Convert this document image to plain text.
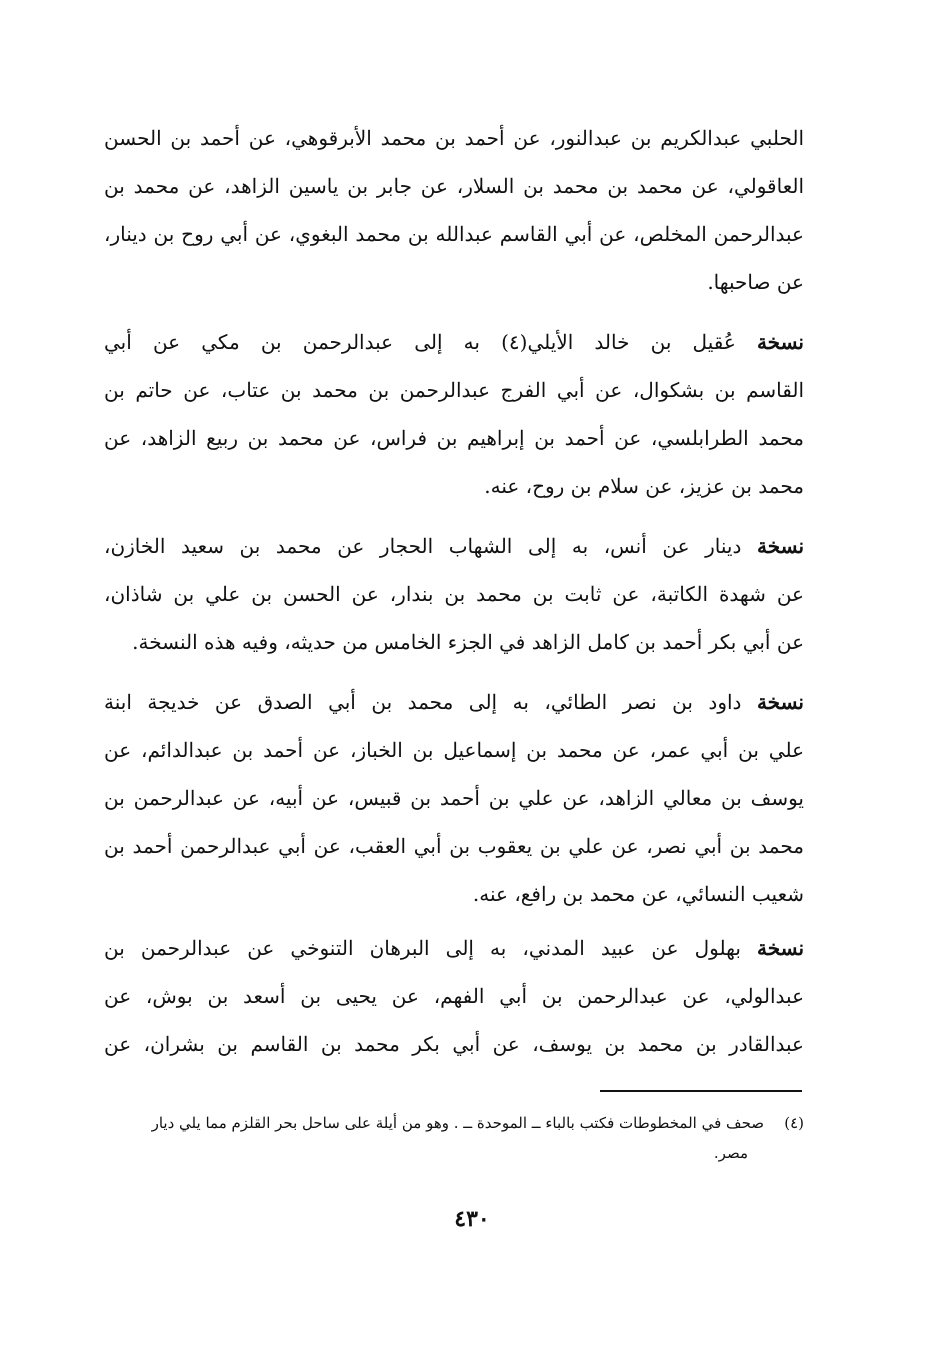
الحلبي عبدالكريم بن عبدالنور، عن أحمد بن محمد الأبرقوهي، عن أحمد بن الحسن
العاقولي، عن محمد بن محمد بن السلار، عن جابر بن ياسين الزاهد، عن محمد بن
عبدالرحمن المخلص، عن أبي القاسم عبدالله بن محمد البغوي، عن أبي روح بن دينار،
عن صاحبها.
نسخة عُقيل بن خالد الأيلي(٤) به إلى عبدالرحمن بن مكي عن أبي
القاسم بن بشكوال، عن أبي الفرج عبدالرحمن بن محمد بن عتاب، عن حاتم بن
محمد الطرابلسي، عن أحمد بن إبراهيم بن فراس، عن محمد بن ربيع الزاهد، عن
محمد بن عزيز، عن سلام بن روح، عنه.
نسخة دينار عن أنس، به إلى الشهاب الحجار عن محمد بن سعيد الخازن،
عن شهدة الكاتبة، عن ثابت بن محمد بن بندار، عن الحسن بن علي بن شاذان،
عن أبي بكر أحمد بن كامل الزاهد في الجزء الخامس من حديثه، وفيه هذه النسخة.
نسخة داود بن نصر الطائي، به إلى محمد بن أبي الصدق عن خديجة ابنة
علي بن أبي عمر، عن محمد بن إسماعيل بن الخباز، عن أحمد بن عبدالدائم، عن
يوسف بن معالي الزاهد، عن علي بن أحمد بن قبيس، عن أبيه، عن عبدالرحمن بن
محمد بن أبي نصر، عن علي بن يعقوب بن أبي العقب، عن أبي عبدالرحمن أحمد بن
شعيب النسائي، عن محمد بن رافع، عنه.
نسخة بهلول عن عبيد المدني، به إلى البرهان التنوخي عن عبدالرحمن بن
عبدالولي، عن عبدالرحمن بن أبي الفهم، عن يحيى بن أسعد بن بوش، عن
عبدالقادر بن محمد بن يوسف، عن أبي بكر محمد بن القاسم بن بشران، عن
(٤)صحف في المخطوطات فكتب بالباء ــ الموحدة ــ . وهو من أيلة على ساحل بحر القلزم مما يلي ديار
مصر.
٤٣٠
